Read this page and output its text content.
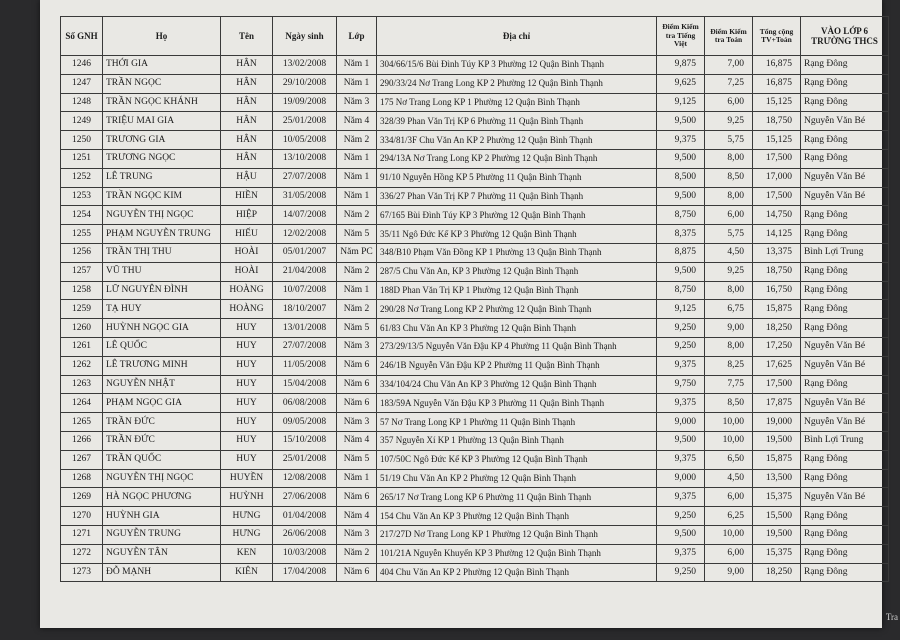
Số GNH	Họ	Tên	Ngày sinh	Lớp	Địa chỉ	Điểm Kiểm tra Tiếng Việt	Điểm Kiểm tra Toán	Tổng cộng TV+Toán	VÀO LỚP 6 TRƯỜNG THCS
1246	THỚI GIA	HÂN	13/02/2008	Năm 1	304/66/15/6 Bùi Đình Túy KP 3 Phường 12 Quận Bình Thạnh	9,875	7,00	16,875	Rạng Đông
1247	TRẦN NGỌC	HÂN	29/10/2008	Năm 1	290/33/24 Nơ Trang Long KP 2 Phường 12 Quận Bình Thạnh	9,625	7,25	16,875	Rạng Đông
1248	TRẦN NGỌC KHÁNH	HÂN	19/09/2008	Năm 3	175 Nơ Trang Long KP 1 Phường 12 Quận Bình Thạnh	9,125	6,00	15,125	Rạng Đông
1249	TRIỆU MAI GIA	HÂN	25/01/2008	Năm 4	328/39 Phan Văn Trị KP 6 Phường 11 Quận Bình Thạnh	9,500	9,25	18,750	Nguyễn Văn Bé
1250	TRƯƠNG GIA	HÂN	10/05/2008	Năm 2	334/81/3F Chu Văn An KP 2 Phường 12 Quận Bình Thạnh	9,375	5,75	15,125	Rạng Đông
1251	TRƯƠNG NGỌC	HÂN	13/10/2008	Năm 1	294/13A Nơ Trang Long KP 2 Phường 12 Quận Bình Thạnh	9,500	8,00	17,500	Rạng Đông
1252	LÊ TRUNG	HẬU	27/07/2008	Năm 1	91/10 Nguyễn Hồng KP 5 Phường 11 Quận Bình Thạnh	8,500	8,50	17,000	Nguyễn Văn Bé
1253	TRẦN NGỌC KIM	HIỀN	31/05/2008	Năm 1	336/27 Phan Văn Trị KP 7 Phường 11 Quận Bình Thạnh	9,500	8,00	17,500	Nguyễn Văn Bé
1254	NGUYỄN THỊ NGỌC	HIỆP	14/07/2008	Năm 2	67/165 Bùi Đình Túy KP 3 Phường 12 Quận Bình Thạnh	8,750	6,00	14,750	Rạng Đông
1255	PHẠM NGUYỄN TRUNG	HIẾU	12/02/2008	Năm 5	35/11 Ngô Đức Kế KP 3 Phường 12 Quận Bình Thạnh	8,375	5,75	14,125	Rạng Đông
1256	TRẦN THỊ THU	HOÀI	05/01/2007	Năm PC	348/B10 Phạm Văn Đồng KP 1 Phường 13 Quận Bình Thạnh	8,875	4,50	13,375	Bình Lợi Trung
1257	VŨ THU	HOÀI	21/04/2008	Năm 2	287/5 Chu Văn An, KP 3 Phường 12 Quận Bình Thạnh	9,500	9,25	18,750	Rạng Đông
1258	LỮ NGUYÊN ĐÌNH	HOÀNG	10/07/2008	Năm 1	188D Phan Văn Trị KP 1 Phường 12 Quận Bình Thạnh	8,750	8,00	16,750	Rạng Đông
1259	TẠ HUY	HOÀNG	18/10/2007	Năm 2	290/28 Nơ Trang Long KP 2 Phường 12 Quận Bình Thạnh	9,125	6,75	15,875	Rạng Đông
1260	HUỲNH NGỌC GIA	HUY	13/01/2008	Năm 5	61/83 Chu Văn An KP 3 Phường 12 Quận Bình Thạnh	9,250	9,00	18,250	Rạng Đông
1261	LÊ QUỐC	HUY	27/07/2008	Năm 3	273/29/13/5 Nguyễn Văn Đậu KP 4 Phường 11 Quận Bình Thạnh	9,250	8,00	17,250	Nguyễn Văn Bé
1262	LÊ TRƯƠNG MINH	HUY	11/05/2008	Năm 6	246/1B Nguyễn Văn Đậu KP 2 Phường 11 Quận Bình Thạnh	9,375	8,25	17,625	Nguyễn Văn Bé
1263	NGUYỄN NHẬT	HUY	15/04/2008	Năm 6	334/104/24 Chu Văn An KP 3 Phường 12 Quận Bình Thạnh	9,750	7,75	17,500	Rạng Đông
1264	PHẠM NGỌC GIA	HUY	06/08/2008	Năm 6	183/59A Nguyễn Văn Đậu KP 3 Phường 11 Quận Bình Thạnh	9,375	8,50	17,875	Nguyễn Văn Bé
1265	TRẦN ĐỨC	HUY	09/05/2008	Năm 3	57 Nơ Trang Long KP 1 Phường 11 Quận Bình Thạnh	9,000	10,00	19,000	Nguyễn Văn Bé
1266	TRẦN ĐỨC	HUY	15/10/2008	Năm 4	357 Nguyễn Xí KP 1 Phường 13 Quận Bình Thạnh	9,500	10,00	19,500	Bình Lợi Trung
1267	TRẦN QUỐC	HUY	25/01/2008	Năm 5	107/50C Ngô Đức Kế KP 3 Phường 12 Quận Bình Thạnh	9,375	6,50	15,875	Rạng Đông
1268	NGUYỄN THỊ NGỌC	HUYỀN	12/08/2008	Năm 1	51/19 Chu Văn An KP 2 Phường 12 Quận Bình Thạnh	9,000	4,50	13,500	Rạng Đông
1269	HÀ NGỌC PHƯƠNG	HUỲNH	27/06/2008	Năm 6	265/17 Nơ Trang Long KP 6 Phường 11 Quận Bình Thạnh	9,375	6,00	15,375	Nguyễn Văn Bé
1270	HUỲNH GIA	HƯNG	01/04/2008	Năm 4	154 Chu Văn An KP 3 Phường 12 Quận Bình Thạnh	9,250	6,25	15,500	Rạng Đông
1271	NGUYỄN TRUNG	HƯNG	26/06/2008	Năm 3	217/27D Nơ Trang Long KP 1 Phường 12 Quận Bình Thạnh	9,500	10,00	19,500	Rạng Đông
1272	NGUYỄN TÂN	KEN	10/03/2008	Năm 2	101/21A Nguyễn Khuyến KP 3 Phường 12 Quận Bình Thạnh	9,375	6,00	15,375	Rạng Đông
1273	ĐỖ MẠNH	KIÊN	17/04/2008	Năm 6	404 Chu Văn An KP 2 Phường 12 Quận Bình Thạnh	9,250	9,00	18,250	Rạng Đông
Tra
